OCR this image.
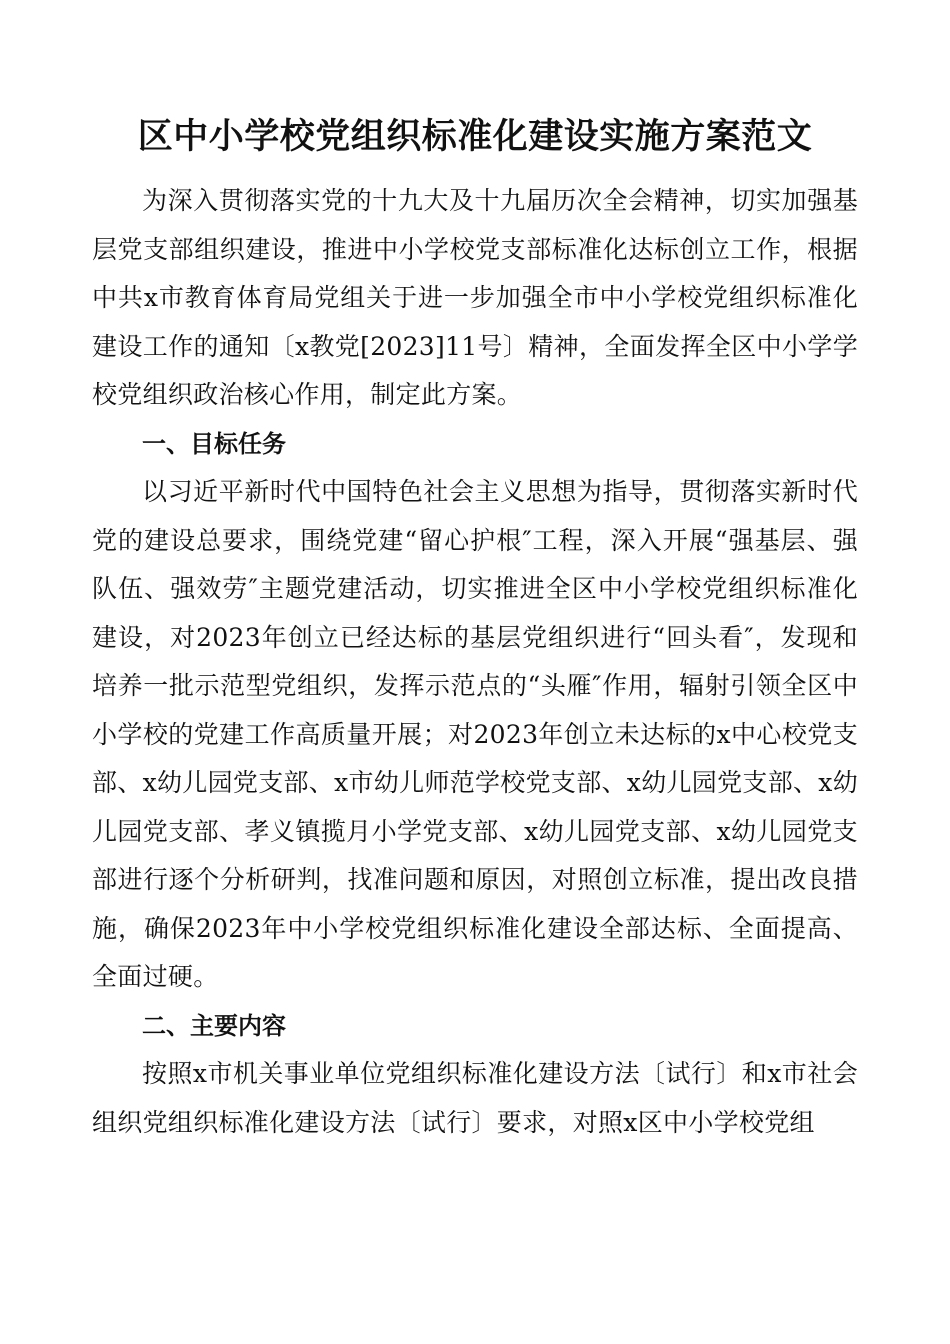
区中小学校党组织标准化建设实施方案范文

为深入贯彻落实党的十九大及十九届历次全会精神，切实加强基层党支部组织建设，推进中小学校党支部标准化达标创立工作，根据中共x市教育体育局党组关于进一步加强全市中小学校党组织标准化建设工作的通知〔x教党[2023]11号〕精神，全面发挥全区中小学学校党组织政治核心作用，制定此方案。

一、目标任务

以习近平新时代中国特色社会主义思想为指导，贯彻落实新时代党的建设总要求，围绕党建“留心护根″工程，深入开展“强基层、强队伍、强效劳″主题党建活动，切实推进全区中小学校党组织标准化建设，对2023年创立已经达标的基层党组织进行“回头看″，发现和培养一批示范型党组织，发挥示范点的“头雁″作用，辐射引领全区中小学校的党建工作高质量开展；对2023年创立未达标的x中心校党支部、x幼儿园党支部、x市幼儿师范学校党支部、x幼儿园党支部、x幼儿园党支部、孝义镇揽月小学党支部、x幼儿园党支部、x幼儿园党支部进行逐个分析研判，找准问题和原因，对照创立标准，提出改良措施，确保2023年中小学校党组织标准化建设全部达标、全面提高、全面过硬。

二、主要内容

按照x市机关事业单位党组织标准化建设方法〔试行〕和x市社会组织党组织标准化建设方法〔试行〕要求，对照x区中小学校党组
